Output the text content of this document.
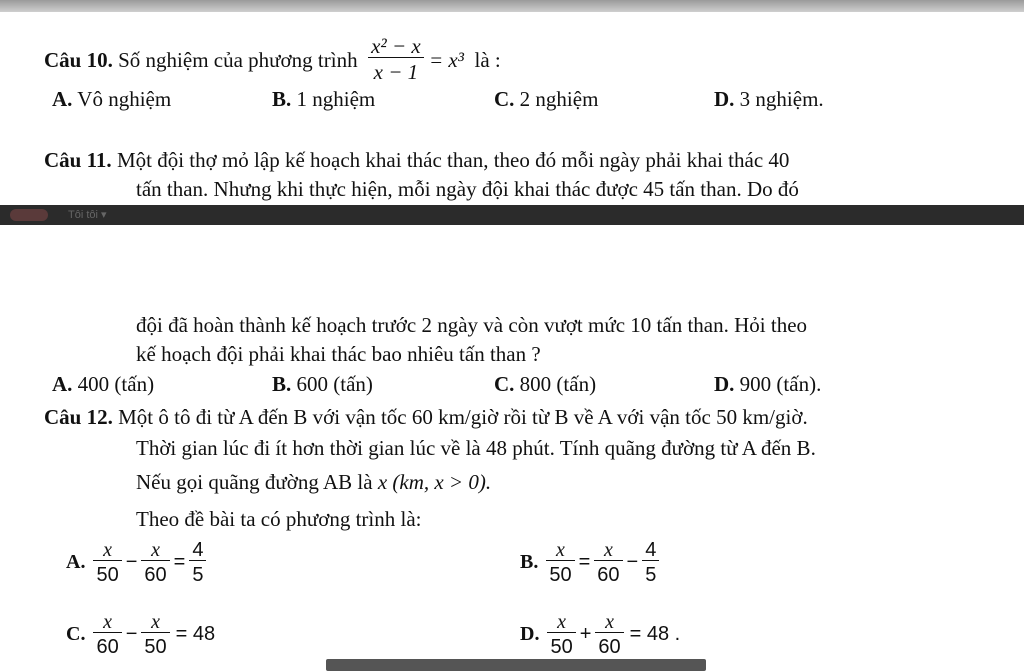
Câu 10.
Số nghiệm của phương trình
$\frac{\text{x² − x}}{x - 1}$
= x³
là :
A. Vô nghiệm	B. 1 nghiệm	C. 2 nghiệm	D. 3 nghiệm.
Câu 11. Một đội thợ mỏ lập kế hoạch khai thác than, theo đó mỗi ngày phải khai thác 40
tấn than. Nhưng khi thực hiện, mỗi ngày đội khai thác được 45 tấn than. Do đó
Tôi tôi ▾
đội đã hoàn thành kế hoạch trước 2 ngày và còn vượt mức 10 tấn than. Hỏi theo
kế hoạch đội phải khai thác bao nhiêu tấn than ?
A. 400 (tấn)	B. 600 (tấn)	C. 800 (tấn)	D. 900 (tấn).
Câu 12. Một ô tô đi từ A đến B với vận tốc 60 km/giờ rồi từ B về A với vận tốc 50 km/giờ.
Thời gian lúc đi ít hơn thời gian lúc về là 48 phút. Tính quãng đường từ A đến B.
Nếu gọi quãng đường AB là x (km, x > 0).
Theo đề bài ta có phương trình là:
A. $\frac{x}{50} - \frac{x}{60} = \frac{4}{5}$	B. $\frac{x}{50} = \frac{x}{60} - \frac{4}{5}$
C. $\frac{x}{60} - \frac{x}{50} = 48$	D. $\frac{x}{50} + \frac{x}{60} = 48$ .
